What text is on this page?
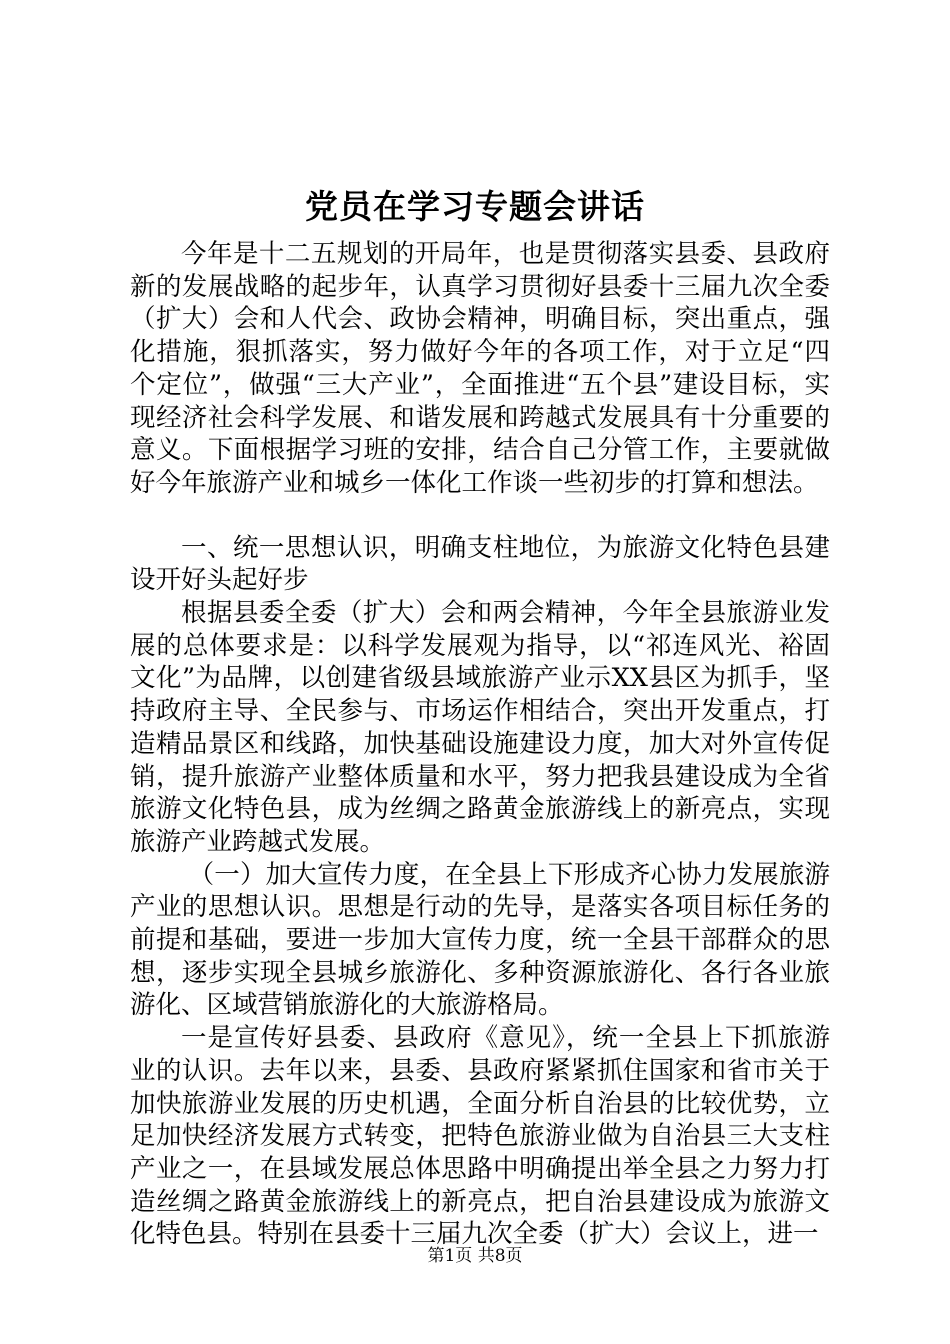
党员在学习专题会讲话

今年是十二五规划的开局年，也是贯彻落实县委、县政府新的发展战略的起步年，认真学习贯彻好县委十三届九次全委（扩大）会和人代会、政协会精神，明确目标，突出重点，强化措施，狠抓落实，努力做好今年的各项工作，对于立足“四个定位”，做强“三大产业”，全面推进“五个县”建设目标，实现经济社会科学发展、和谐发展和跨越式发展具有十分重要的意义。下面根据学习班的安排，结合自己分管工作，主要就做好今年旅游产业和城乡一体化工作谈一些初步的打算和想法。

一、统一思想认识，明确支柱地位，为旅游文化特色县建设开好头起好步

根据县委全委（扩大）会和两会精神，今年全县旅游业发展的总体要求是：以科学发展观为指导，以“祁连风光、裕固文化”为品牌，以创建省级县域旅游产业示XX县区为抓手，坚持政府主导、全民参与、市场运作相结合，突出开发重点，打造精品景区和线路，加快基础设施建设力度，加大对外宣传促销，提升旅游产业整体质量和水平，努力把我县建设成为全省旅游文化特色县，成为丝绸之路黄金旅游线上的新亮点，实现旅游产业跨越式发展。

（一）加大宣传力度，在全县上下形成齐心协力发展旅游产业的思想认识。思想是行动的先导，是落实各项目标任务的前提和基础，要进一步加大宣传力度，统一全县干部群众的思想，逐步实现全县城乡旅游化、多种资源旅游化、各行各业旅游化、区域营销旅游化的大旅游格局。

一是宣传好县委、县政府《意见》，统一全县上下抓旅游业的认识。去年以来，县委、县政府紧紧抓住国家和省市关于加快旅游业发展的历史机遇，全面分析自治县的比较优势，立足加快经济发展方式转变，把特色旅游业做为自治县三大支柱产业之一，在县域发展总体思路中明确提出举全县之力努力打造丝绸之路黄金旅游线上的新亮点，把自治县建设成为旅游文化特色县。特别在县委十三届九次全委（扩大）会议上，进一

第1页 共8页
